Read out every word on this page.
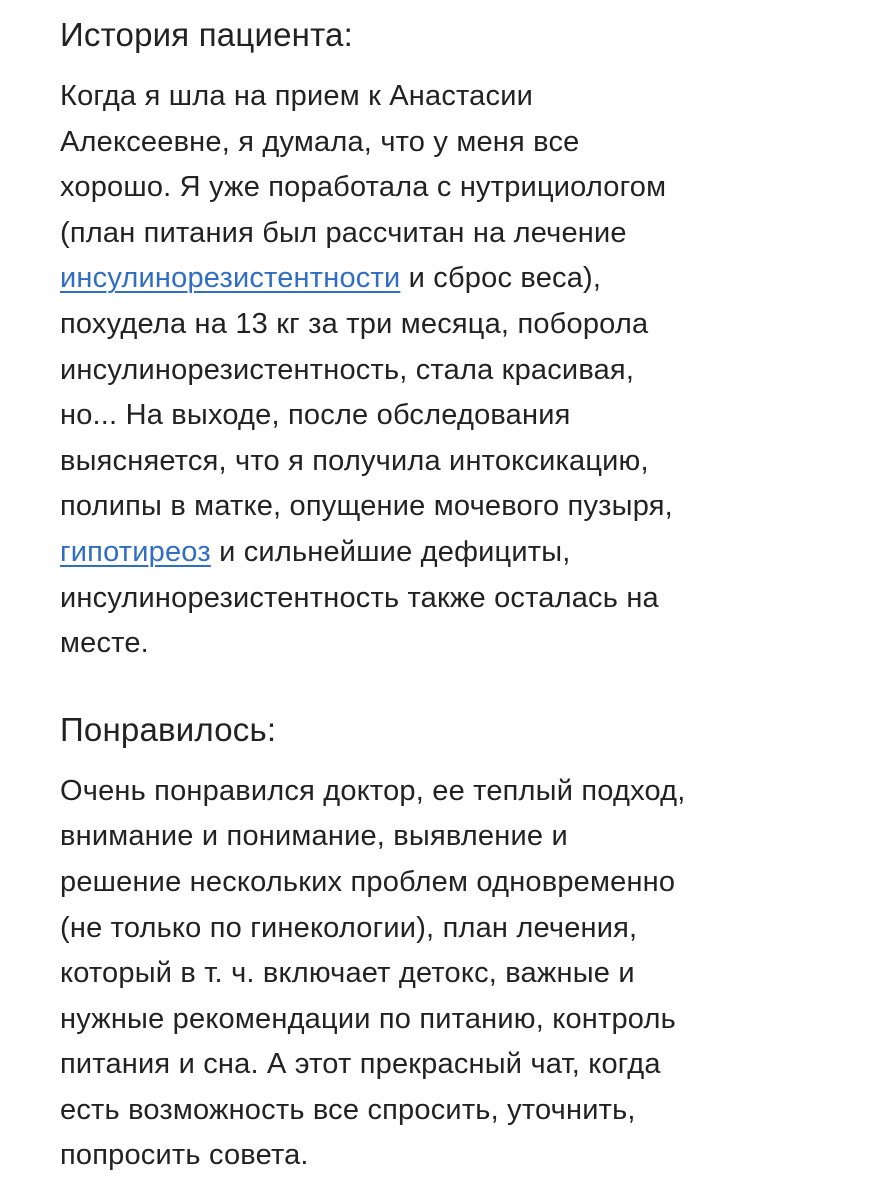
История пациента:

Когда я шла на прием к Анастасии
Алексеевне, я думала, что у меня все
хорошо. Я уже поработала с нутрициологом
(план питания был рассчитан на лечение
инсулинорезистентности и сброс веса),
похудела на 13 кг за три месяца, поборола
инсулинорезистентность, стала красивая,
но... На выходе, после обследования
выясняется, что я получила интоксикацию,
полипы в матке, опущение мочевого пузыря,
гипотиреоз и сильнейшие дефициты,
инсулинорезистентность также осталась на
месте.

Понравилось:

Очень понравился доктор, ее теплый подход,
внимание и понимание, выявление и
решение нескольких проблем одновременно
(не только по гинекологии), план лечения,
который в т. ч. включает детокс, важные и
нужные рекомендации по питанию, контроль
питания и сна. А этот прекрасный чат, когда
есть возможность все спросить, уточнить,
попросить совета.
